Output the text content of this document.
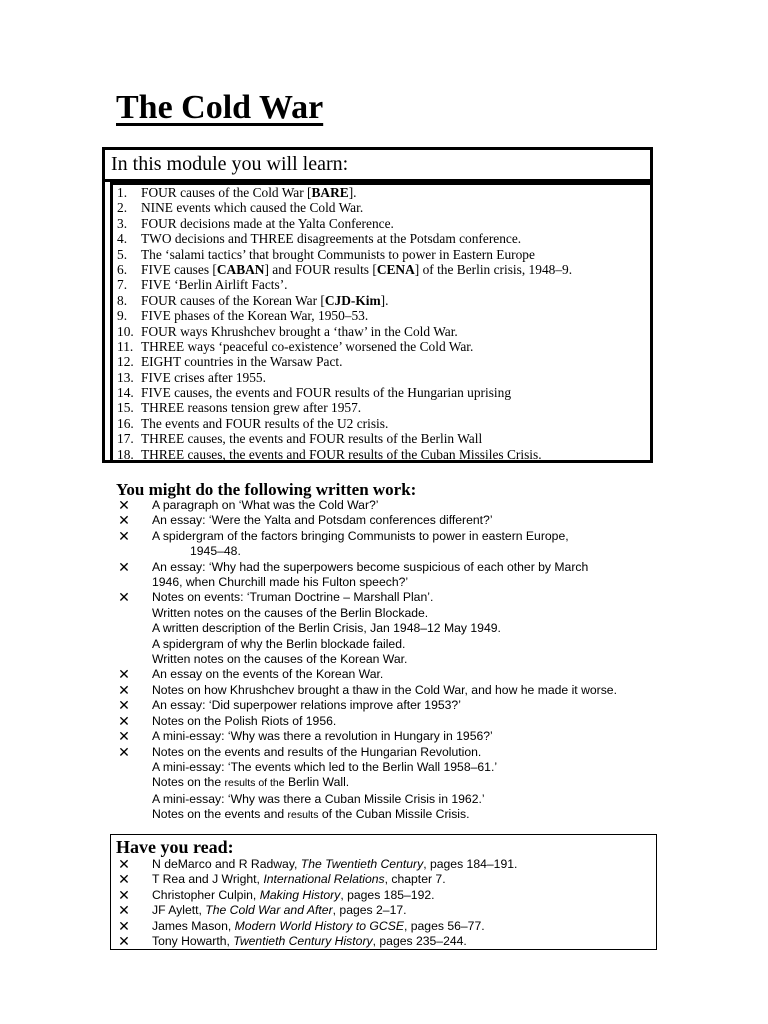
The Cold War
In this module you will learn:
1. FOUR causes of the Cold War [BARE].
2. NINE events which caused the Cold War.
3. FOUR decisions made at the Yalta Conference.
4. TWO decisions and THREE disagreements at the Potsdam conference.
5. The ‘salami tactics’ that brought Communists to power in Eastern Europe
6. FIVE causes [CABAN] and FOUR results [CENA] of the Berlin crisis, 1948–9.
7. FIVE ‘Berlin Airlift Facts’.
8. FOUR causes of the Korean War [CJD-Kim].
9. FIVE phases of the Korean War, 1950–53.
10. FOUR ways Khrushchev brought a ‘thaw’ in the Cold War.
11. THREE ways ‘peaceful co-existence’ worsened the Cold War.
12. EIGHT countries in the Warsaw Pact.
13. FIVE crises after 1955.
14. FIVE causes, the events and FOUR results of the Hungarian uprising
15. THREE reasons tension grew after 1957.
16. The events and FOUR results of the U2 crisis.
17. THREE causes, the events and FOUR results of the Berlin Wall
18. THREE causes, the events and FOUR results of the Cuban Missiles Crisis.
You might do the following written work:
✕ A paragraph on ‘What was the Cold War?’
✕ An essay: ‘Were the Yalta and Potsdam conferences different?’
✕ A spidergram of the factors bringing Communists to power in eastern Europe,
1945–48.
✕ An essay: ‘Why had the superpowers become suspicious of each other by March
1946, when Churchill made his Fulton speech?’
✕ Notes on events: ‘Truman Doctrine – Marshall Plan’.
Written notes on the causes of the Berlin Blockade.
A written description of the Berlin Crisis, Jan 1948–12 May 1949.
A spidergram of why the Berlin blockade failed.
Written notes on the causes of the Korean War.
✕ An essay on the events of the Korean War.
✕ Notes on how Khrushchev brought a thaw in the Cold War, and how he made it worse.
✕ An essay: ‘Did superpower relations improve after 1953?’
✕ Notes on the Polish Riots of 1956.
✕ A mini-essay: ‘Why was there a revolution in Hungary in 1956?’
✕ Notes on the events and results of the Hungarian Revolution.
A mini-essay: ‘The events which led to the Berlin Wall 1958–61.’
Notes on the results of the Berlin Wall.
A mini-essay: ‘Why was there a Cuban Missile Crisis in 1962.’
Notes on the events and results of the Cuban Missile Crisis.
Have you read:
✕ N deMarco and R Radway, The Twentieth Century, pages 184–191.
✕ T Rea and J Wright, International Relations, chapter 7.
✕ Christopher Culpin, Making History, pages 185–192.
✕ JF Aylett, The Cold War and After, pages 2–17.
✕ James Mason, Modern World History to GCSE, pages 56–77.
✕ Tony Howarth, Twentieth Century History, pages 235–244.
